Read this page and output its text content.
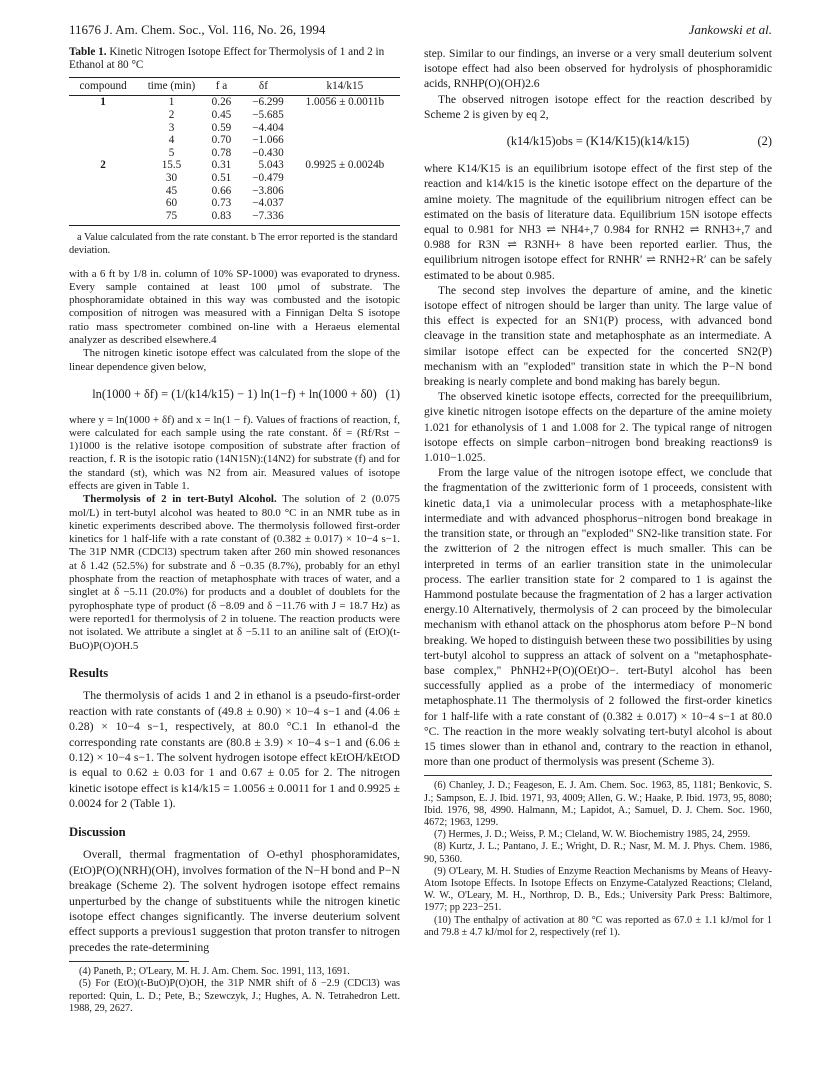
11676 J. Am. Chem. Soc., Vol. 116, No. 26, 1994	Jankowski et al.
Table 1. Kinetic Nitrogen Isotope Effect for Thermolysis of 1 and 2 in Ethanol at 80 °C
compound	time (min)	f a	δf	k14/k15
1	1	0.26	−6.299	1.0056 ± 0.0011b
	2	0.45	−5.685	
	3	0.59	−4.404	
	4	0.70	−1.066	
	5	0.78	−0.430	
2	15.5	0.31	5.043	0.9925 ± 0.0024b
	30	0.51	−0.479	
	45	0.66	−3.806	
	60	0.73	−4.037	
	75	0.83	−7.336	
a Value calculated from the rate constant. b The error reported is the standard deviation.

with a 6 ft by 1/8 in. column of 10% SP-1000) was evaporated to dryness. Every sample contained at least 100 μmol of substrate. The phosphoramidate obtained in this way was combusted and the isotopic composition of nitrogen was measured with a Finnigan Delta S isotope ratio mass spectrometer combined on-line with a Heraeus elemental analyzer as described elsewhere.4

The nitrogen kinetic isotope effect was calculated from the slope of the linear dependence given below,

ln(1000 + δf) = (1/(k14/k15) − 1) ln(1−f) + ln(1000 + δ0) (1)

where y = ln(1000 + δf) and x = ln(1 − f). Values of fractions of reaction, f, were calculated for each sample using the rate constant. δf = (Rf/Rst − 1)1000 is the relative isotope composition of substrate after fraction of reaction, f. R is the isotopic ratio (14N15N):(14N2) for substrate (f) and for the standard (st), which was N2 from air. Measured values of isotope effects are given in Table 1.

Thermolysis of 2 in tert-Butyl Alcohol. The solution of 2 (0.075 mol/L) in tert-butyl alcohol was heated to 80.0 °C in an NMR tube as in kinetic experiments described above. The thermolysis followed first-order kinetics for 1 half-life with a rate constant of (0.382 ± 0.017) × 10−4 s−1. The 31P NMR (CDCl3) spectrum taken after 260 min showed resonances at δ 1.42 (52.5%) for substrate and δ −0.35 (8.7%), probably for an ethyl phosphate from the reaction of metaphosphate with traces of water, and a singlet at δ −5.11 (20.0%) for products and a doublet of doublets for the pyrophosphate type of product (δ −8.09 and δ −11.76 with J = 18.7 Hz) as were reported1 for thermolysis of 2 in toluene. The reaction products were not isolated. We attribute a singlet at δ −5.11 to an aniline salt of (EtO)(t-BuO)P(O)OH.5

Results

The thermolysis of acids 1 and 2 in ethanol is a pseudo-first-order reaction with rate constants of (49.8 ± 0.90) × 10−4 s−1 and (4.06 ± 0.28) × 10−4 s−1, respectively, at 80.0 °C.1 In ethanol-d the corresponding rate constants are (80.8 ± 3.9) × 10−4 s−1 and (6.06 ± 0.12) × 10−4 s−1. The solvent hydrogen isotope effect kEtOH/kEtOD is equal to 0.62 ± 0.03 for 1 and 0.67 ± 0.05 for 2. The nitrogen kinetic isotope effect is k14/k15 = 1.0056 ± 0.0011 for 1 and 0.9925 ± 0.0024 for 2 (Table 1).

Discussion

Overall, thermal fragmentation of O-ethyl phosphoramidates, (EtO)P(O)(NRH)(OH), involves formation of the N−H bond and P−N breakage (Scheme 2). The solvent hydrogen isotope effect remains unperturbed by the change of substituents while the nitrogen kinetic isotope effect changes significantly. The inverse deuterium solvent effect supports a previous1 suggestion that proton transfer to nitrogen precedes the rate-determining

(4) Paneth, P.; O'Leary, M. H. J. Am. Chem. Soc. 1991, 113, 1691.

(5) For (EtO)(t-BuO)P(O)OH, the 31P NMR shift of δ −2.9 (CDCl3) was reported: Quin, L. D.; Pete, B.; Szewczyk, J.; Hughes, A. N. Tetrahedron Lett. 1988, 29, 2627.

step. Similar to our findings, an inverse or a very small deuterium solvent isotope effect had also been observed for hydrolysis of phosphoramidic acids, RNHP(O)(OH)2.6

The observed nitrogen isotope effect for the reaction described by Scheme 2 is given by eq 2,

(k14/k15)obs = (K14/K15)(k14/k15)	(2)

where K14/K15 is an equilibrium isotope effect of the first step of the reaction and k14/k15 is the kinetic isotope effect on the departure of the amine moiety. The magnitude of the equilibrium nitrogen effect can be estimated on the basis of literature data. Equilibrium 15N isotope effects equal to 0.981 for NH3 ⇌ NH4+,7 0.984 for RNH2 ⇌ RNH3+,7 and 0.988 for R3N ⇌ R3NH+ 8 have been reported earlier. Thus, the equilibrium nitrogen isotope effect for RNHR′ ⇌ RNH2+R′ can be safely estimated to be about 0.985.

The second step involves the departure of amine, and the kinetic isotope effect of nitrogen should be larger than unity. The large value of this effect is expected for an SN1(P) process, with advanced bond cleavage in the transition state and metaphosphate as an intermediate. A similar isotope effect can be expected for the concerted SN2(P) mechanism with an "exploded" transition state in which the P−N bond breaking is nearly complete and bond making has barely begun.

The observed kinetic isotope effects, corrected for the preequilibrium, give kinetic nitrogen isotope effects on the departure of the amine moiety 1.021 for ethanolysis of 1 and 1.008 for 2. The typical range of nitrogen isotope effects on simple carbon−nitrogen bond breaking reactions9 is 1.010−1.025.

From the large value of the nitrogen isotope effect, we conclude that the fragmentation of the zwitterionic form of 1 proceeds, consistent with kinetic data,1 via a unimolecular process with a metaphosphate-like intermediate and with advanced phosphorus−nitrogen bond breakage in the transition state, or through an "exploded" SN2-like transition state. For the zwitterion of 2 the nitrogen effect is much smaller. This can be interpreted in terms of an earlier transition state in the unimolecular process. The earlier transition state for 2 compared to 1 is against the Hammond postulate because the fragmentation of 2 has a larger activation energy.10 Alternatively, thermolysis of 2 can proceed by the bimolecular mechanism with ethanol attack on the phosphorus atom before P−N bond breaking. We hoped to distinguish between these two possibilities by using tert-butyl alcohol to suppress an attack of solvent on a "metaphosphate-base complex," PhNH2+P(O)(OEt)O−. tert-Butyl alcohol has been successfully applied as a probe of the intermediacy of monomeric metaphosphate.11 The thermolysis of 2 followed the first-order kinetics for 1 half-life with a rate constant of (0.382 ± 0.017) × 10−4 s−1 at 80.0 °C. The reaction in the more weakly solvating tert-butyl alcohol is about 15 times slower than in ethanol and, contrary to the reaction in ethanol, more than one product of thermolysis was present (Scheme 3).

(6) Chanley, J. D.; Feageson, E. J. Am. Chem. Soc. 1963, 85, 1181; Benkovic, S. J.; Sampson, E. J. Ibid. 1971, 93, 4009; Allen, G. W.; Haake, P. Ibid. 1973, 95, 8080; Ibid. 1976, 98, 4990. Halmann, M.; Lapidot, A.; Samuel, D. J. Chem. Soc. 1960, 4672; 1963, 1299.

(7) Hermes, J. D.; Weiss, P. M.; Cleland, W. W. Biochemistry 1985, 24, 2959.

(8) Kurtz, J. L.; Pantano, J. E.; Wright, D. R.; Nasr, M. M. J. Phys. Chem. 1986, 90, 5360.

(9) O'Leary, M. H. Studies of Enzyme Reaction Mechanisms by Means of Heavy-Atom Isotope Effects. In Isotope Effects on Enzyme-Catalyzed Reactions; Cleland, W. W., O'Leary, M. H., Northrop, D. B., Eds.; University Park Press: Baltimore, 1977; pp 223−251.

(10) The enthalpy of activation at 80 °C was reported as 67.0 ± 1.1 kJ/mol for 1 and 79.8 ± 4.7 kJ/mol for 2, respectively (ref 1).
